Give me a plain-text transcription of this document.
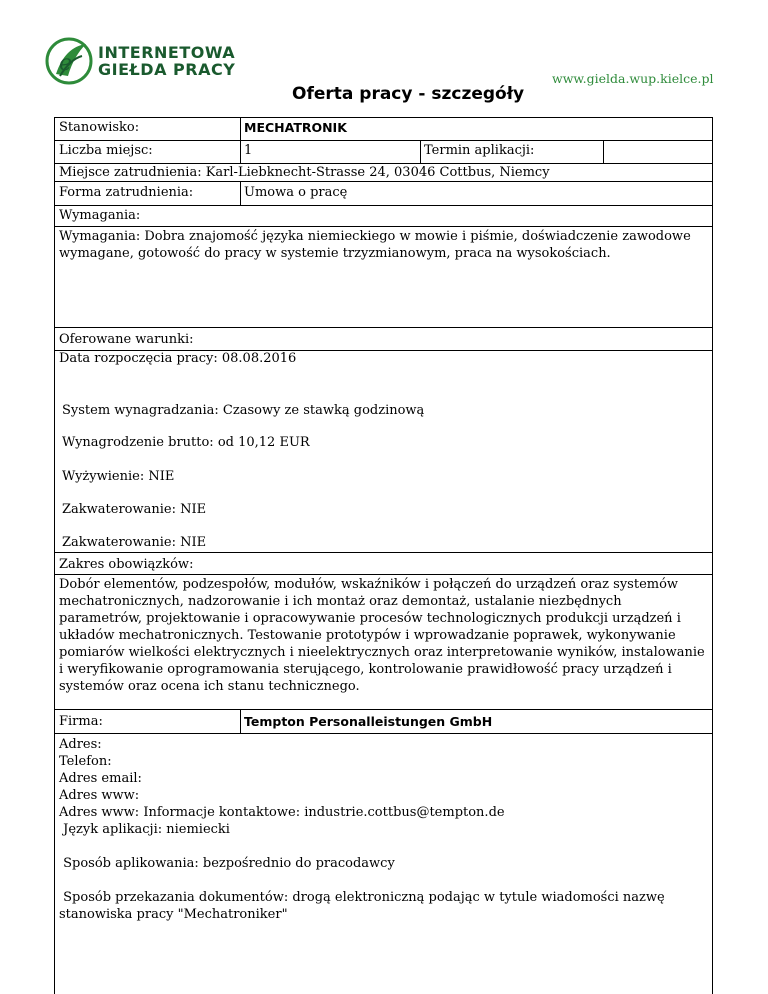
e INTERNETOWA
GIEŁDA PRACY	www.gielda.wup.kielce.pl
Oferta pracy - szczegóły
Stanowisko:	MECHATRONIK
Liczba miejsc:	1	Termin aplikacji:
Miejsce zatrudnienia: Karl-Liebknecht-Strasse 24, 03046 Cottbus, Niemcy
Forma zatrudnienia:	Umowa o pracę
Wymagania:
Wymagania: Dobra znajomość języka niemieckiego w mowie i piśmie, doświadczenie zawodowe wymagane, gotowość do pracy w systemie trzyzmianowym, praca na wysokościach.
Oferowane warunki:
Data rozpoczęcia pracy: 08.08.2016
System wynagradzania: Czasowy ze stawką godzinową
Wynagrodzenie brutto: od 10,12 EUR
Wyżywienie: NIE
Zakwaterowanie: NIE
Zakwaterowanie: NIE
Zakres obowiązków:
Dobór elementów, podzespołów, modułów, wskaźników i połączeń do urządzeń oraz systemów mechatronicznych, nadzorowanie i ich montaż oraz demontaż, ustalanie niezbędnych parametrów, projektowanie i opracowywanie procesów technologicznych produkcji urządzeń i układów mechatronicznych. Testowanie prototypów i wprowadzanie poprawek, wykonywanie pomiarów wielkości elektrycznych i nieelektrycznych oraz interpretowanie wyników, instalowanie i weryfikowanie oprogramowania sterującego, kontrolowanie prawidłowość pracy urządzeń i systemów oraz ocena ich stanu technicznego.
Firma:	Tempton Personalleistungen GmbH
Adres:
Telefon:
Adres email:
Adres www:
Adres www: Informacje kontaktowe: industrie.cottbus@tempton.de
Język aplikacji: niemiecki
Sposób aplikowania: bezpośrednio do pracodawcy
Sposób przekazania dokumentów: drogą elektroniczną podając w tytule wiadomości nazwę stanowiska pracy "Mechatroniker"
